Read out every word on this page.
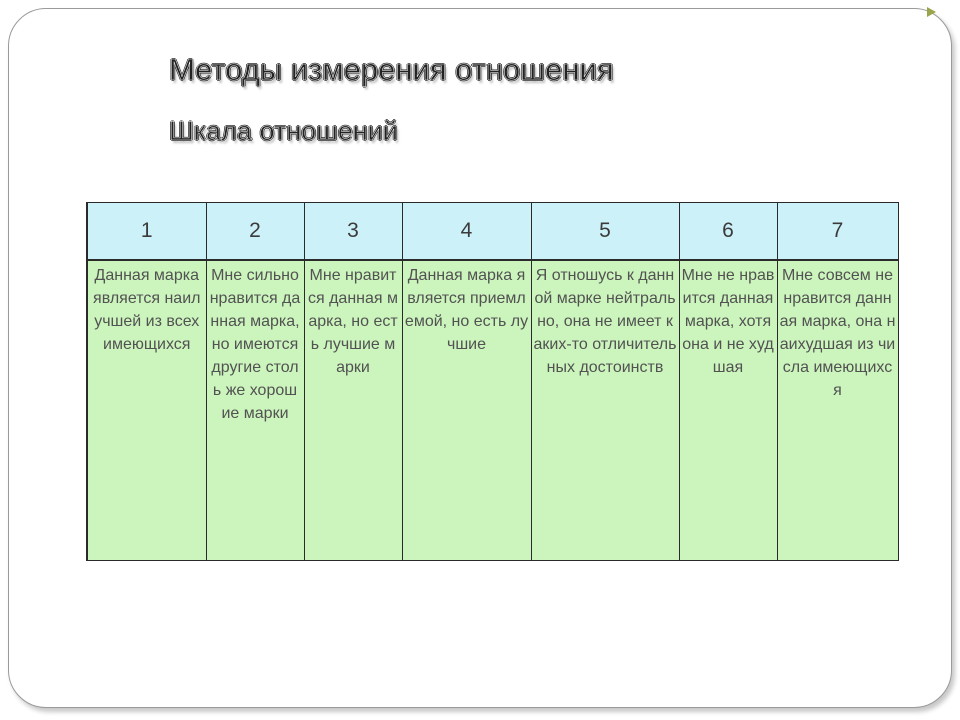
Методы измерения отношения
Шкала отношений
1	2	3	4	5	6	7

Данная марка является наилучшей из всех имеющихся	Мне сильно нравится данная марка, но имеются другие столь же хорошие марки	Мне нравится данная марка, но есть лучшие марки	Данная марка является приемлемой, но есть лучшие	Я отношусь к данной марке нейтрально, она не имеет каких-то отличительных достоинств	Мне не нравится данная марка, хотя она и не худшая	Мне совсем не нравится данная марка, она наихудшая из числа имеющихся
